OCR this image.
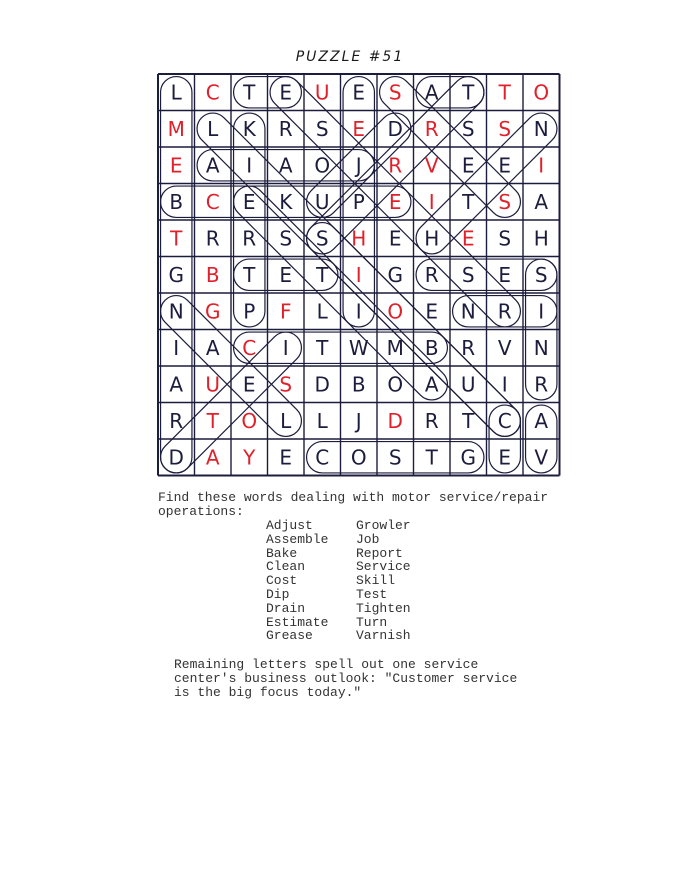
PUZZLE #51
L C T E U E S A T T O
M L K R S E D R S S N
E A I A O J R V E E I
B C E K U P E I T S A
T R R S S H E H E S H
G B T E T I G R S E S
N G P F L I O E N R I
I A C I T W M B R V N
A U E S D B O A U I R
R T O L L J D R T C A
D A Y E C O S T G E V
Find these words dealing with motor service/repair operations:
Adjust
Assemble
Bake
Clean
Cost
Dip
Drain
Estimate
Grease
Growler
Job
Report
Service
Skill
Test
Tighten
Turn
Varnish
Remaining letters spell out one service center's business outlook: "Customer service is the big focus today."
